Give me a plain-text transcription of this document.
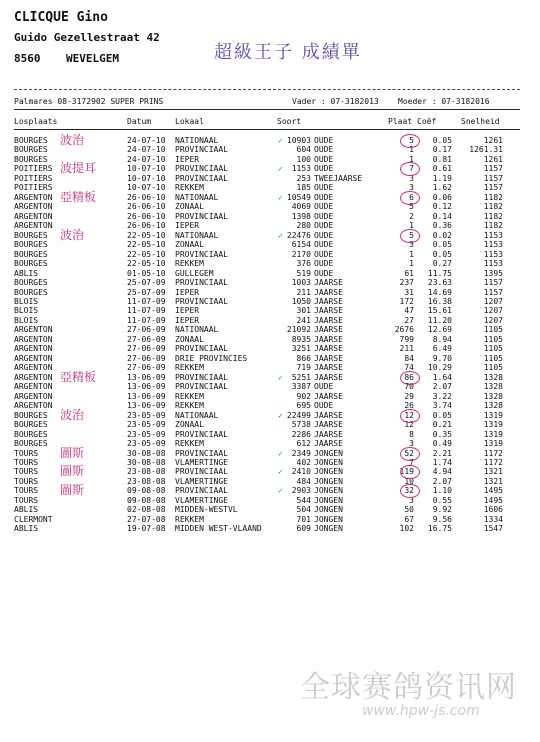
CLICQUE Gino
Guido Gezellestraat 42
8560 WEVELGEM	超級王子 成績單
Palmares 08-3172902 SUPER PRINS	Vader : 07-3182013 Moeder : 07-3182016
Losplaats	Datum	Lokaal	Soort	Plaat Coëf	Snelheid
BOURGES	24-07-10 NATIONAAL	10903 OUDE	5 0.05	1261
BOURGES	24-07-10 PROVINCIAAL	604 OUDE	1 0.17 1261.31
BOURGES	24-07-10 IEPER	100 OUDE	1 0.81	1261
POITIERS	10-07-10 PROVINCIAAL	1153 OUDE	7 0.61	1157
POITIERS	10-07-10 PROVINCIAAL	253 TWEEJAARSE	3 1.19	1157
POITIERS	10-07-10 REKKEM	185 OUDE	3 1.62	1157
ARGENTON	26-06-10 NATIONAAL	10549 OUDE	6 0.06	1182
ARGENTON	26-06-10 ZONAAL	4069 OUDE	5 0.12	1182
ARGENTON	26-06-10 PROVINCIAAL	1398 OUDE	2 0.14	1182
ARGENTON	26-06-10 IEPER	280 OUDE	1 0.36	1182
BOURGES	22-05-10 NATIONAAL	22476 OUDE	5 0.02	1153
BOURGES	22-05-10 ZONAAL	6154 OUDE	3 0.05	1153
BOURGES	22-05-10 PROVINCIAAL	2170 OUDE	1 0.05	1153
BOURGES	22-05-10 REKKEM	376 OUDE	1 0.27	1153
ABLIS	01-05-10 GULLEGEM	519 OUDE	61 11.75	1395
BOURGES	25-07-09 PROVINCIAAL	1003 JAARSE	237 23.63	1157
BOURGES	25-07-09 IEPER	211 JAARSE	31 14.69	1157
BLOIS	11-07-09 PROVINCIAAL	1050 JAARSE	172 16.38	1207
BLOIS	11-07-09 IEPER	301 JAARSE	47 15.61	1207
BLOIS	11-07-09 IEPER	241 JAARSE	27 11.20	1207
ARGENTON	27-06-09 NATIONAAL	21092 JAARSE	2676 12.69	1105
ARGENTON	27-06-09 ZONAAL	8935 JAARSE	799 8.94	1105
ARGENTON	27-06-09 PROVINCIAAL	3251 JAARSE	211 6.49	1105
ARGENTON	27-06-09 DRIE PROVINCIES	866 JAARSE	84 9.70	1105
ARGENTON	27-06-09 REKKEM	719 JAARSE	74 10.29	1105
ARGENTON	13-06-09 PROVINCIAAL	5251 JAARSE	86 1.64	1328
ARGENTON	13-06-09 PROVINCIAAL	3387 OUDE	70 2.07	1328
ARGENTON	13-06-09 REKKEM	902 JAARSE	29 3.22	1328
ARGENTON	13-06-09 REKKEM	695 OUDE	26 3.74	1328
BOURGES	23-05-09 NATIONAAL	22499 JAARSE	12 0.05	1319
BOURGES	23-05-09 ZONAAL	5738 JAARSE	12 0.21	1319
BOURGES	23-05-09 PROVINCIAAL	2286 JAARSE	8 0.35	1319
BOURGES	23-05-09 REKKEM	612 JAARSE	3 0.49	1319
TOURS	30-08-08 PROVINCIAAL	2349 JONGEN	52 2.21	1172
TOURS	30-08-08 VLAMERTINGE	402 JONGEN	7 1.74	1172
TOURS	23-08-08 PROVINCIAAL	2410 JONGEN	119 4.94	1321
TOURS	23-08-08 VLAMERTINGE	484 JONGEN	10 2.07	1321
TOURS	09-08-08 PROVINCIAAL	2903 JONGEN	32 1.10	1495
TOURS	09-08-08 VLAMERTINGE	544 JONGEN	3 0.55	1495
ABLIS	02-08-08 MIDDEN-WESTVL	504 JONGEN	50 9.92	1606
CLERMONT	27-07-08 REKKEM	701 JONGEN	67 9.56	1334
ABLIS	19-07-08 MIDDEN WEST-VLAAND	609 JONGEN	102 16.75	1547
✓
✓
✓
✓
✓
✓
✓
✓
✓
波治
波提耳
亞精板
波治
亞精板
波治
圖斯
圖斯
圖斯
全球赛鸽资讯网
www.hpw-js.com
